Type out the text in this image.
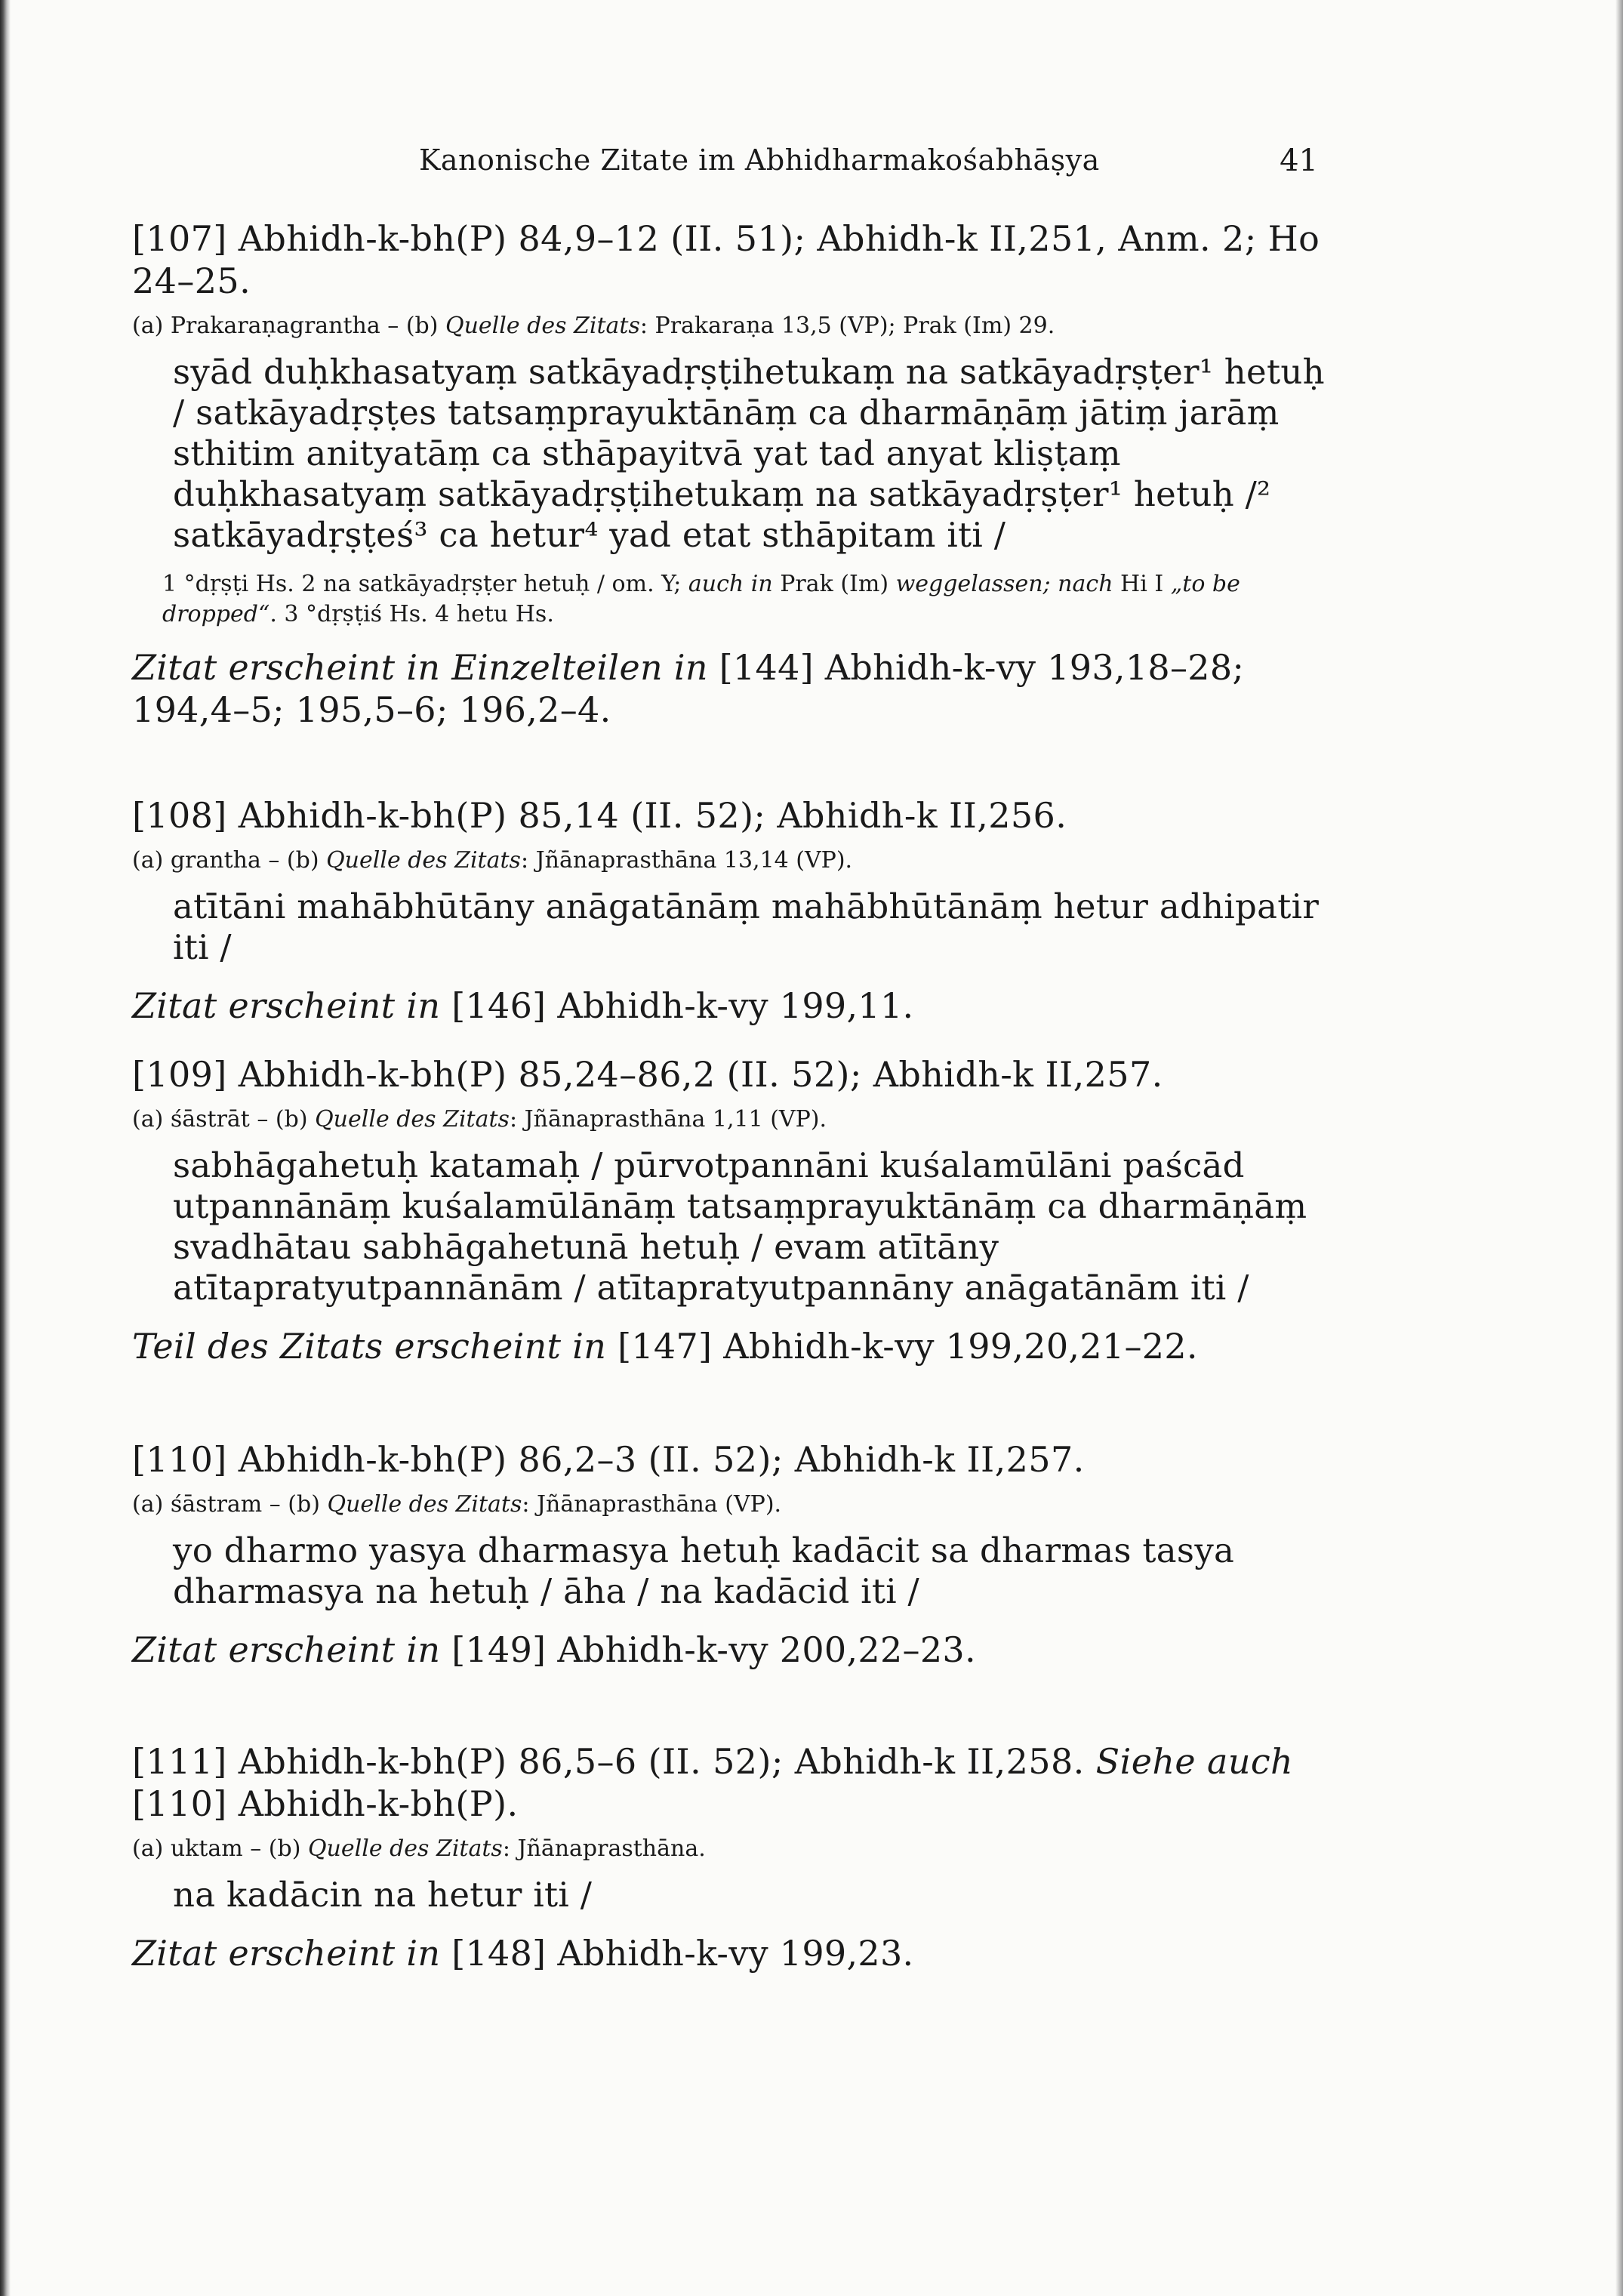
Kanonische Zitate im Abhidharmakośabhāṣya	41
[107] Abhidh-k-bh(P) 84,9–12 (II. 51); Abhidh-k II,251, Anm. 2; Ho 24–25.
(a) Prakaraṇagrantha – (b) Quelle des Zitats: Prakaraṇa 13,5 (VP); Prak (Im) 29.
syād duḥkhasatyaṃ satkāyadṛṣṭihetukaṃ na satkāyadṛṣṭer¹ hetuḥ / satkāyadṛṣṭes tatsaṃprayuktānāṃ ca dharmāṇāṃ jātiṃ jarāṃ sthitim anityatāṃ ca sthāpayitvā yat tad anyat kliṣṭaṃ duḥkhasatyaṃ satkāyadṛṣṭihetukaṃ na satkāyadṛṣṭer¹ hetuḥ /² satkāyadṛṣṭeś³ ca hetur⁴ yad etat sthāpitam iti /
1 °dṛṣṭi Hs. 2 na satkāyadṛṣṭer hetuḥ / om. Y; auch in Prak (Im) weggelassen; nach Hi I „to be dropped“. 3 °dṛṣṭiś Hs. 4 hetu Hs.
Zitat erscheint in Einzelteilen in [144] Abhidh-k-vy 193,18–28; 194,4–5; 195,5–6; 196,2–4.
[108] Abhidh-k-bh(P) 85,14 (II. 52); Abhidh-k II,256.
(a) grantha – (b) Quelle des Zitats: Jñānaprasthāna 13,14 (VP).
atītāni mahābhūtāny anāgatānāṃ mahābhūtānāṃ hetur adhipatir iti /
Zitat erscheint in [146] Abhidh-k-vy 199,11.
[109] Abhidh-k-bh(P) 85,24–86,2 (II. 52); Abhidh-k II,257.
(a) śāstrāt – (b) Quelle des Zitats: Jñānaprasthāna 1,11 (VP).
sabhāgahetuḥ katamaḥ / pūrvotpannāni kuśalamūlāni paścād utpannānāṃ kuśalamūlānāṃ tatsaṃprayuktānāṃ ca dharmāṇāṃ svadhātau sabhāgahetunā hetuḥ / evam atītāny atītapratyutpannānām / atītapratyutpannāny anāgatānām iti /
Teil des Zitats erscheint in [147] Abhidh-k-vy 199,20,21–22.
[110] Abhidh-k-bh(P) 86,2–3 (II. 52); Abhidh-k II,257.
(a) śāstram – (b) Quelle des Zitats: Jñānaprasthāna (VP).
yo dharmo yasya dharmasya hetuḥ kadācit sa dharmas tasya dharmasya na hetuḥ / āha / na kadācid iti /
Zitat erscheint in [149] Abhidh-k-vy 200,22–23.
[111] Abhidh-k-bh(P) 86,5–6 (II. 52); Abhidh-k II,258. Siehe auch [110] Abhidh-k-bh(P).
(a) uktam – (b) Quelle des Zitats: Jñānaprasthāna.
na kadācin na hetur iti /
Zitat erscheint in [148] Abhidh-k-vy 199,23.
